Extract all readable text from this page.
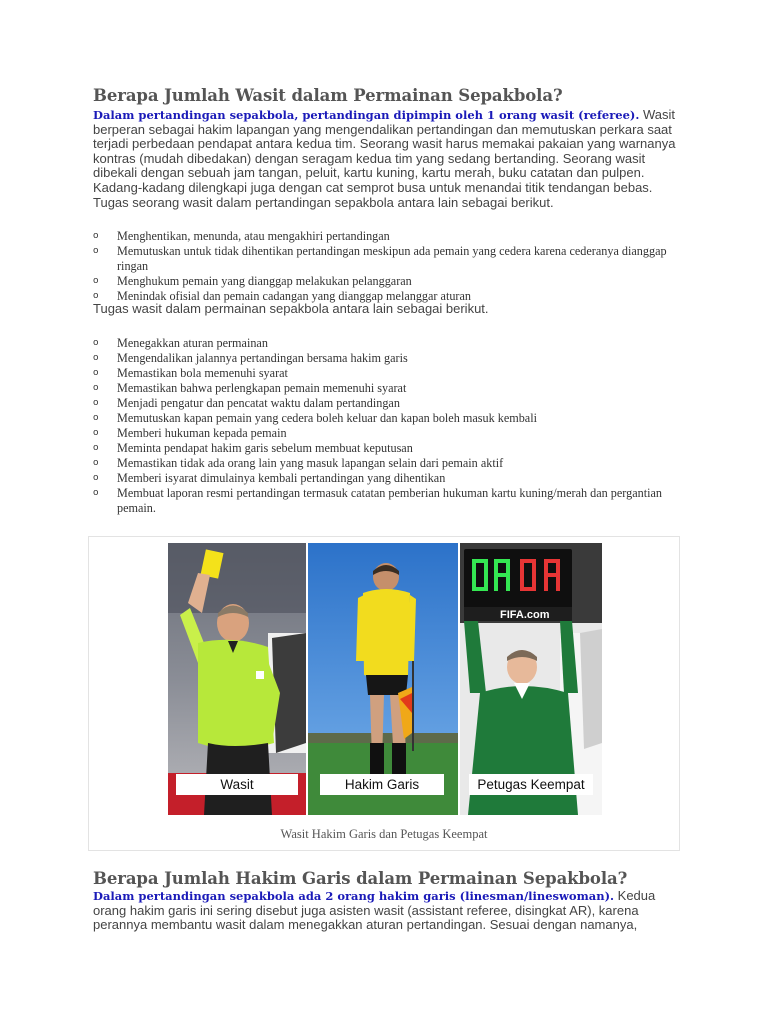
Berapa Jumlah Wasit dalam Permainan Sepakbola?

Dalam pertandingan sepakbola, pertandingan dipimpin oleh 1 orang wasit (referee). Wasit berperan sebagai hakim lapangan yang mengendalikan pertandingan dan memutuskan perkara saat terjadi perbedaan pendapat antara kedua tim. Seorang wasit harus memakai pakaian yang warnanya kontras (mudah dibedakan) dengan seragam kedua tim yang sedang bertanding. Seorang wasit dibekali dengan sebuah jam tangan, peluit, kartu kuning, kartu merah, buku catatan dan pulpen. Kadang-kadang dilengkapi juga dengan cat semprot busa untuk menandai titik tendangan bebas.

Tugas seorang wasit dalam pertandingan sepakbola antara lain sebagai berikut.

o Menghentikan, menunda, atau mengakhiri pertandingan
o Memutuskan untuk tidak dihentikan pertandingan meskipun ada pemain yang cedera karena cederanya dianggap ringan
o Menghukum pemain yang dianggap melakukan pelanggaran
o Menindak ofisial dan pemain cadangan yang dianggap melanggar aturan

Tugas wasit dalam permainan sepakbola antara lain sebagai berikut.

o Menegakkan aturan permainan
o Mengendalikan jalannya pertandingan bersama hakim garis
o Memastikan bola memenuhi syarat
o Memastikan bahwa perlengkapan pemain memenuhi syarat
o Menjadi pengatur dan pencatat waktu dalam pertandingan
o Memutuskan kapan pemain yang cedera boleh keluar dan kapan boleh masuk kembali
o Memberi hukuman kepada pemain
o Meminta pendapat hakim garis sebelum membuat keputusan
o Memastikan tidak ada orang lain yang masuk lapangan selain dari pemain aktif
o Memberi isyarat dimulainya kembali pertandingan yang dihentikan
o Membuat laporan resmi pertandingan termasuk catatan pemberian hukuman kartu kuning/merah dan pergantian pemain.
Wasit	Hakim Garis
FIFA.com
Petugas Keempat
Wasit Hakim Garis dan Petugas Keempat
Berapa Jumlah Hakim Garis dalam Permainan Sepakbola?

Dalam pertandingan sepakbola ada 2 orang hakim garis (linesman/lineswoman). Kedua orang hakim garis ini sering disebut juga asisten wasit (assistant referee, disingkat AR), karena perannya membantu wasit dalam menegakkan aturan pertandingan. Sesuai dengan namanya,
